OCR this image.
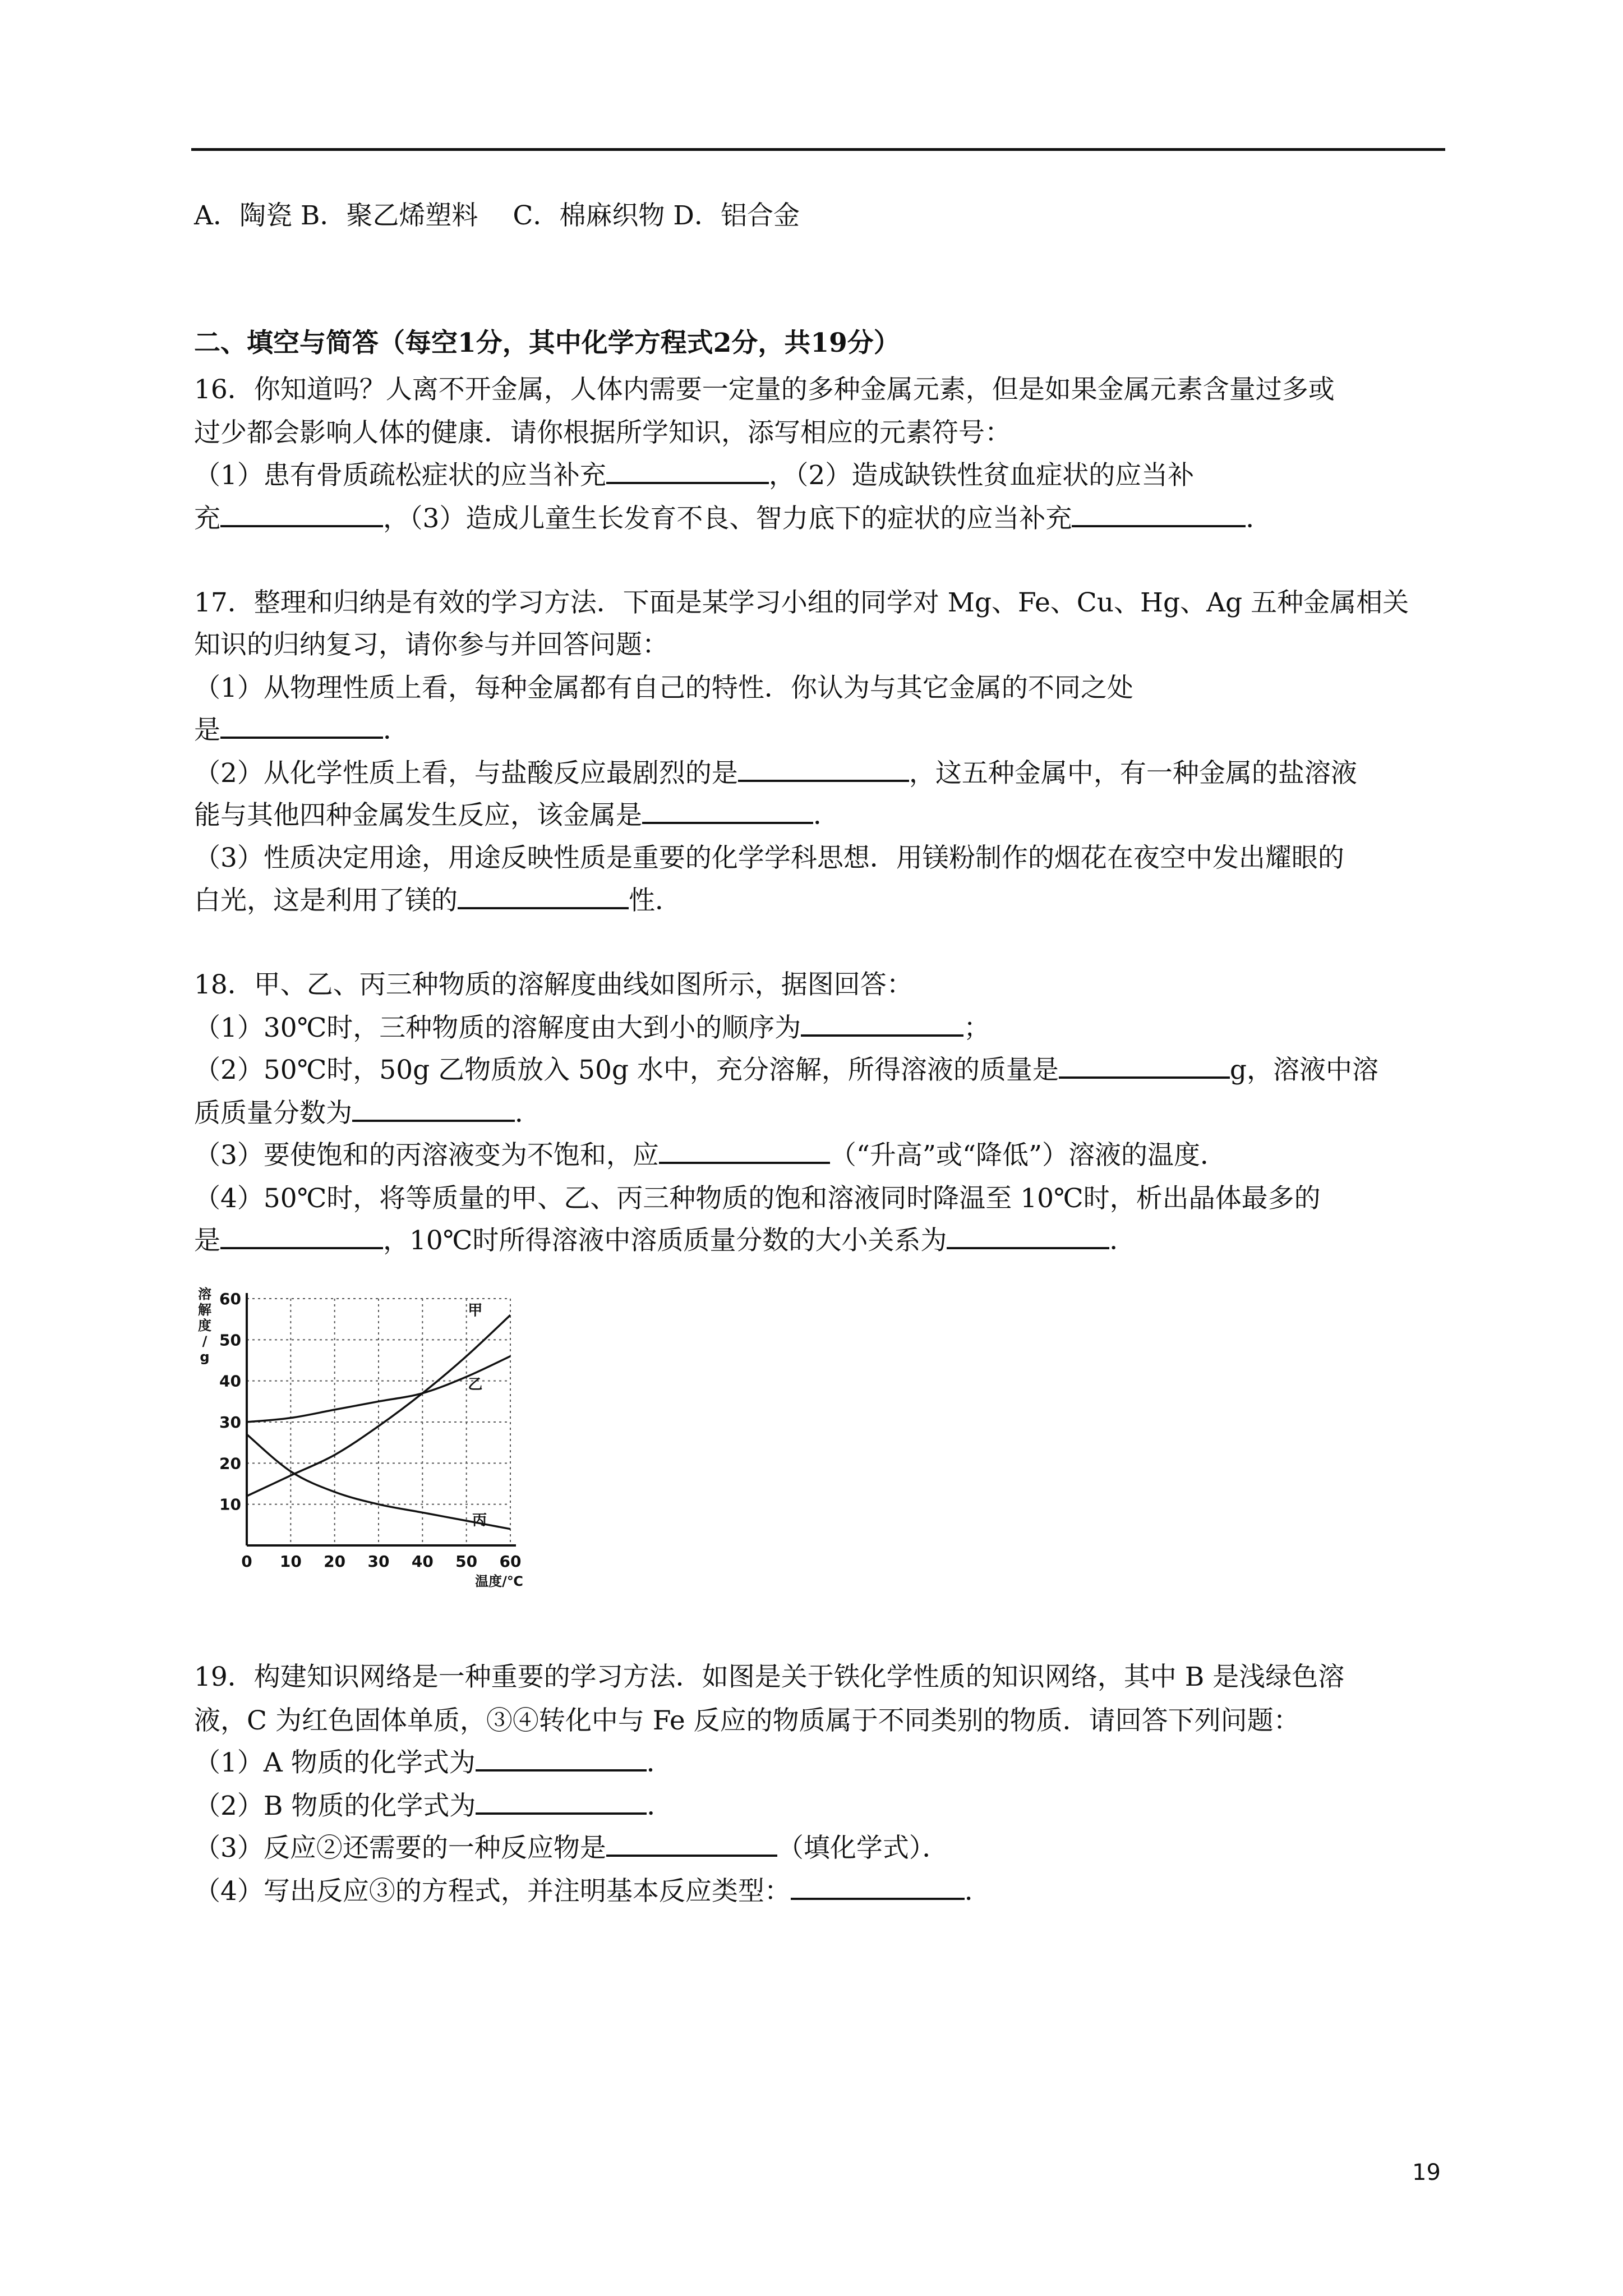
A．陶瓷 B．聚乙烯塑料　 C．棉麻织物 D．铝合金
二、填空与简答（每空1分，其中化学方程式2分，共19分）
16．你知道吗？人离不开金属，人体内需要一定量的多种金属元素，但是如果金属元素含量过多或
过少都会影响人体的健康．请你根据所学知识，添写相应的元素符号：
（1）患有骨质疏松症状的应当补充	，（2）造成缺铁性贫血症状的应当补
充	，（3）造成儿童生长发育不良、智力底下的症状的应当补充	．
17．整理和归纳是有效的学习方法．下面是某学习小组的同学对 Mg、Fe、Cu、Hg、Ag 五种金属相关
知识的归纳复习，请你参与并回答问题：
（1）从物理性质上看，每种金属都有自己的特性．你认为与其它金属的不同之处
是	．
（2）从化学性质上看，与盐酸反应最剧烈的是	，这五种金属中，有一种金属的盐溶液
能与其他四种金属发生反应，该金属是	．
（3）性质决定用途，用途反映性质是重要的化学学科思想．用镁粉制作的烟花在夜空中发出耀眼的
白光，这是利用了镁的	性．
18．甲、乙、丙三种物质的溶解度曲线如图所示，据图回答：
（1）30℃时，三种物质的溶解度由大到小的顺序为	；
（2）50℃时，50g 乙物质放入 50g 水中，充分溶解，所得溶液的质量是	g，溶液中溶
质质量分数为	．
（3）要使饱和的丙溶液变为不饱和，应	（“升高”或“降低”）溶液的温度．
（4）50℃时，将等质量的甲、乙、丙三种物质的饱和溶液同时降温至 10℃时，析出晶体最多的
是	，10℃时所得溶液中溶质质量分数的大小关系为	．
0 10 20 30 40 50 60
10
20
30
40
50
60
溶解度/ g
温度/℃
甲
乙
丙
19．构建知识网络是一种重要的学习方法．如图是关于铁化学性质的知识网络，其中 B 是浅绿色溶
液，C 为红色固体单质，③④转化中与 Fe 反应的物质属于不同类别的物质．请回答下列问题：
（1）A 物质的化学式为	．
（2）B 物质的化学式为	．
（3）反应②还需要的一种反应物是	（填化学式）．
（4）写出反应③的方程式，并注明基本反应类型：	．
19
